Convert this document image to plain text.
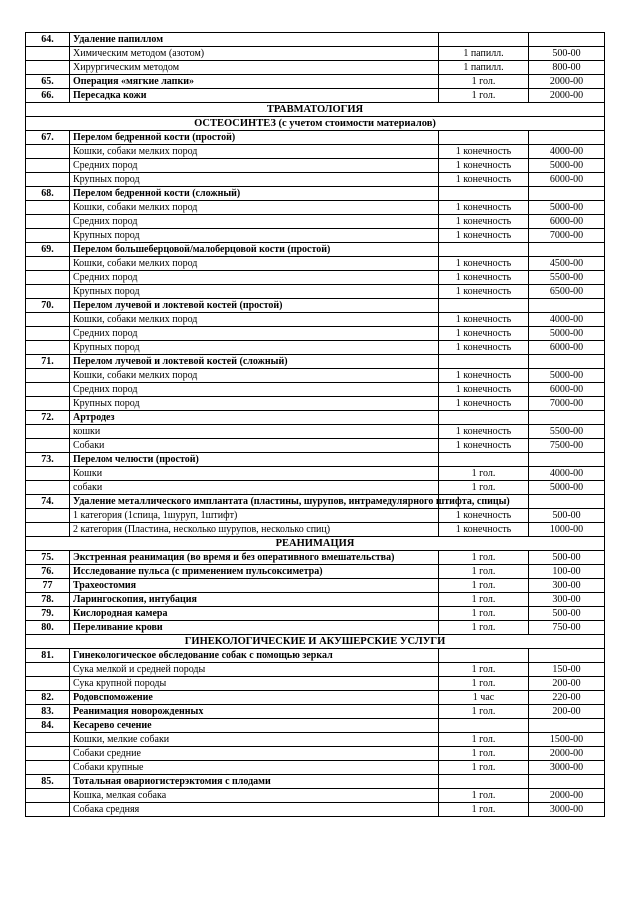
64.	Удаление папиллом		
	Химическим методом (азотом)	1 папилл.	500-00
	Хирургическим методом	1 папилл.	800-00
65.	Операция «мягкие лапки»	1 гол.	2000-00
66.	Пересадка кожи	1 гол.	2000-00
ТРАВМАТОЛОГИЯ			
ОСТЕОСИНТЕЗ (с учетом стоимости материалов)			
67.	Перелом бедренной кости (простой)		
	Кошки, собаки мелких пород	1 конечность	4000-00
	Средних пород	1 конечность	5000-00
	Крупных пород	1 конечность	6000-00
68.	Перелом бедренной кости (сложный)		
	Кошки, собаки мелких пород	1 конечность	5000-00
	Средних пород	1 конечность	6000-00
	Крупных пород	1 конечность	7000-00
69.	Перелом большеберцовой/малоберцовой кости (простой)		
	Кошки, собаки мелких пород	1 конечность	4500-00
	Средних пород	1 конечность	5500-00
	Крупных пород	1 конечность	6500-00
70.	Перелом лучевой и локтевой костей (простой)		
	Кошки, собаки мелких пород	1 конечность	4000-00
	Средних пород	1 конечность	5000-00
	Крупных пород	1 конечность	6000-00
71.	Перелом лучевой и локтевой костей (сложный)		
	Кошки, собаки мелких пород	1 конечность	5000-00
	Средних пород	1 конечность	6000-00
	Крупных пород	1 конечность	7000-00
72.	Артродез		
	кошки	1 конечность	5500-00
	Собаки	1 конечность	7500-00
73.	Перелом челюсти (простой)		
	Кошки	1 гол.	4000-00
	собаки	1 гол.	5000-00
74.	Удаление металлического имплантата (пластины, шурупов, интрамедулярного штифта, спицы)		
	1 категория (1спица, 1шуруп, 1штифт)	1 конечность	500-00
	2 категория (Пластина, несколько шурупов, несколько спиц)	1 конечность	1000-00
РЕАНИМАЦИЯ			
75.	Экстренная реанимация (во время и без оперативного вмешательства)	1 гол.	500-00
76.	Исследование пульса (с применением пульсоксиметра)	1 гол.	100-00
77	Трахеостомия	1 гол.	300-00
78.	Ларингоскопия, интубация	1 гол.	300-00
79.	Кислородная камера	1 гол.	500-00
80.	Переливание крови	1 гол.	750-00
ГИНЕКОЛОГИЧЕСКИЕ И АКУШЕРСКИЕ УСЛУГИ			
81.	Гинекологическое обследование собак с помощью зеркал		
	Сука мелкой и средней породы	1 гол.	150-00
	Сука крупной породы	1 гол.	200-00
82.	Родовспоможение	1 час	220-00
83.	Реанимация новорожденных	1 гол.	200-00
84.	Кесарево сечение		
	Кошки, мелкие собаки	1 гол.	1500-00
	Собаки средние	1 гол.	2000-00
	Собаки крупные	1 гол.	3000-00
85.	Тотальная овариогистерэктомия с плодами		
	Кошка, мелкая собака	1 гол.	2000-00
	Собака средняя	1 гол.	3000-00
